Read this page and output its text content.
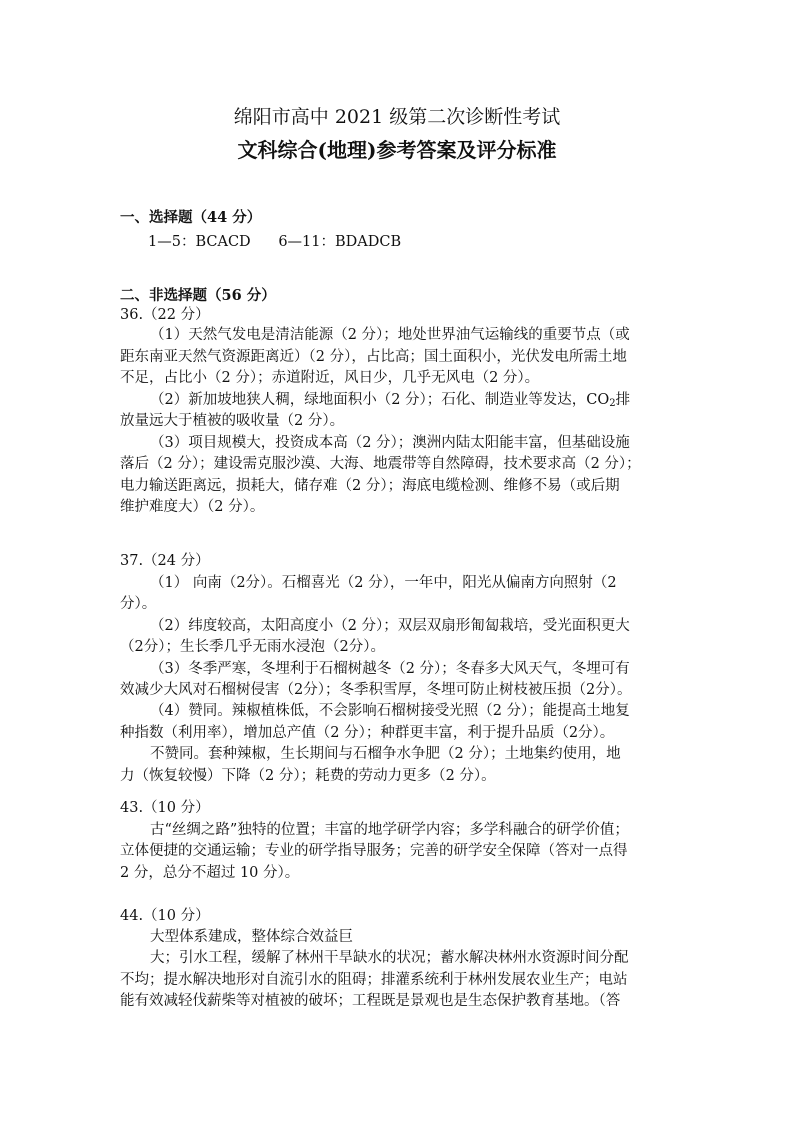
绵阳市高中 2021 级第二次诊断性考试
文科综合(地理)参考答案及评分标准
一、选择题（44 分）
1—5：BCACD      6—11：BDADCB
二、非选择题（56 分）
36.（22 分）
（1）天然气发电是清洁能源（2 分）；地处世界油气运输线的重要节点（或
距东南亚天然气资源距离近）（2 分），占比高；国土面积小，光伏发电所需土地
不足，占比小（2 分）；赤道附近，风日少，几乎无风电（2 分）。
（2）新加坡地狭人稠，绿地面积小（2 分）；石化、制造业等发达，$CO_2$排
放量远大于植被的吸收量（2 分）。
（3）项目规模大，投资成本高（2 分）；澳洲内陆太阳能丰富，但基础设施
落后（2 分）；建设需克服沙漠、大海、地震带等自然障碍，技术要求高（2 分）；
电力输送距离远，损耗大，储存难（2 分）；海底电缆检测、维修不易（或后期
维护难度大）（2 分）。
37.（24 分）
（1） 向南（2分）。石榴喜光（2 分），一年中，阳光从偏南方向照射（2
分）。
（2）纬度较高，太阳高度小（2 分）；双层双扇形匍匐栽培，受光面积更大
（2分）；生长季几乎无雨水浸泡（2分）。
（3）冬季严寒，冬埋利于石榴树越冬（2 分）；冬春多大风天气，冬埋可有
效减少大风对石榴树侵害（2分）；冬季积雪厚，冬埋可防止树枝被压损（2分）。
（4）赞同。辣椒植株低，不会影响石榴树接受光照（2 分）；能提高土地复
种指数（利用率），增加总产值（2 分）；种群更丰富，利于提升品质（2分）。
不赞同。套种辣椒，生长期间与石榴争水争肥（2 分）；土地集约使用，地
力（恢复较慢）下降（2 分）；耗费的劳动力更多（2 分）。
43.（10 分）
古“丝绸之路”独特的位置；丰富的地学研学内容；多学科融合的研学价值；
立体便捷的交通运输；专业的研学指导服务；完善的研学安全保障（答对一点得
2 分，总分不超过 10 分）。
44.（10 分）
大型体系建成，整体综合效益巨
大；引水工程，缓解了林州干旱缺水的状况；蓄水解决林州水资源时间分配
不均；提水解决地形对自流引水的阻碍；排灌系统利于林州发展农业生产；电站
能有效减轻伐薪柴等对植被的破坏；工程既是景观也是生态保护教育基地。（答
